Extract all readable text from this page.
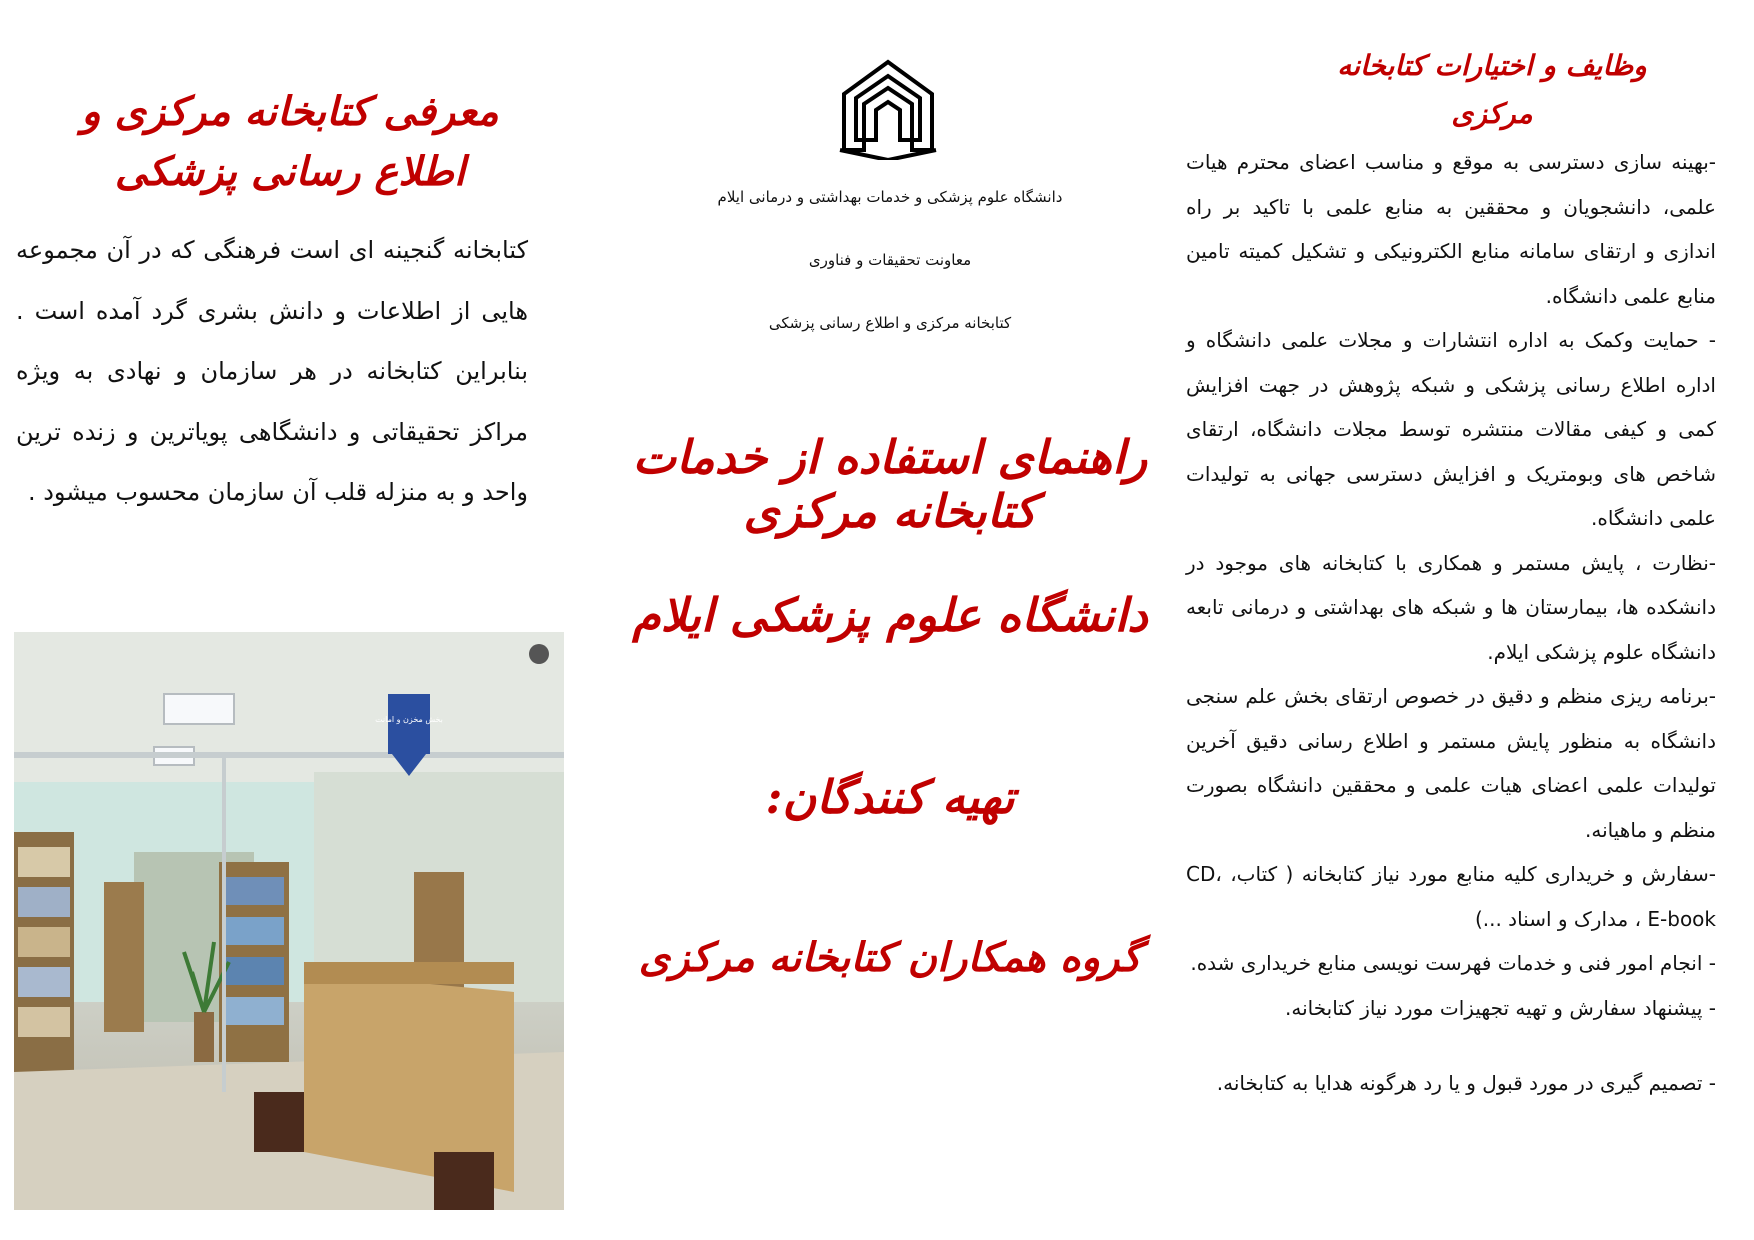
معرفی کتابخانه مرکزی و اطلاع رسانی پزشکی

کتابخانه گنجینه ای است فرهنگی که در آن مجموعه هایی از اطلاعات و دانش بشری گرد آمده است . بنابراین کتابخانه در هر سازمان و نهادی به ویژه مراکز تحقیقاتی و دانشگاهی پویاترین و زنده ترین واحد و به منزله قلب آن سازمان محسوب میشود .

بخش مخزن و امانت

دانشگاه علوم پزشکی و خدمات بهداشتی و درمانی ایلام

معاونت تحقیقات و فناوری

کتابخانه مرکزی و اطلاع رسانی پزشکی

راهنمای استفاده از خدمات کتابخانه مرکزی
دانشگاه علوم پزشکی ایلام
تهیه کنندگان:
گروه همکاران کتابخانه مرکزی
وظایف و اختیارات کتابخانه مرکزی
-بهینه سازی دسترسی به موقع و مناسب اعضای محترم هیات علمی، دانشجویان و محققین به منابع علمی با تاکید بر راه اندازی و ارتقای سامانه منابع الکترونیکی و تشکیل کمیته تامین منابع علمی دانشگاه.
- حمایت وکمک به اداره انتشارات و مجلات علمی دانشگاه و اداره اطلاع رسانی پزشکی و شبکه پژوهش در جهت افزایش کمی و کیفی مقالات منتشره توسط مجلات دانشگاه، ارتقای شاخص های وبومتریک و افزایش دسترسی جهانی به تولیدات علمی دانشگاه.
-نظارت ، پایش مستمر و همکاری با کتابخانه های موجود در دانشکده ها، بیمارستان ها و شبکه های بهداشتی و درمانی تابعه دانشگاه علوم پزشکی ایلام.
-برنامه ریزی منظم و دقیق در خصوص ارتقای بخش علم سنجی دانشگاه به منظور پایش مستمر و اطلاع رسانی دقیق آخرین تولیدات علمی اعضای هیات علمی و محققین دانشگاه بصورت منظم و ماهیانه.
-سفارش و خریداری کلیه منابع مورد نیاز کتابخانه ( کتاب، CD، E-book ، مدارک و اسناد ...)
- انجام امور فنی و خدمات فهرست نویسی منابع خریداری شده.
- پیشنهاد سفارش و تهیه تجهیزات مورد نیاز کتابخانه.
- تصمیم گیری در مورد قبول و یا رد هرگونه هدایا به کتابخانه.
